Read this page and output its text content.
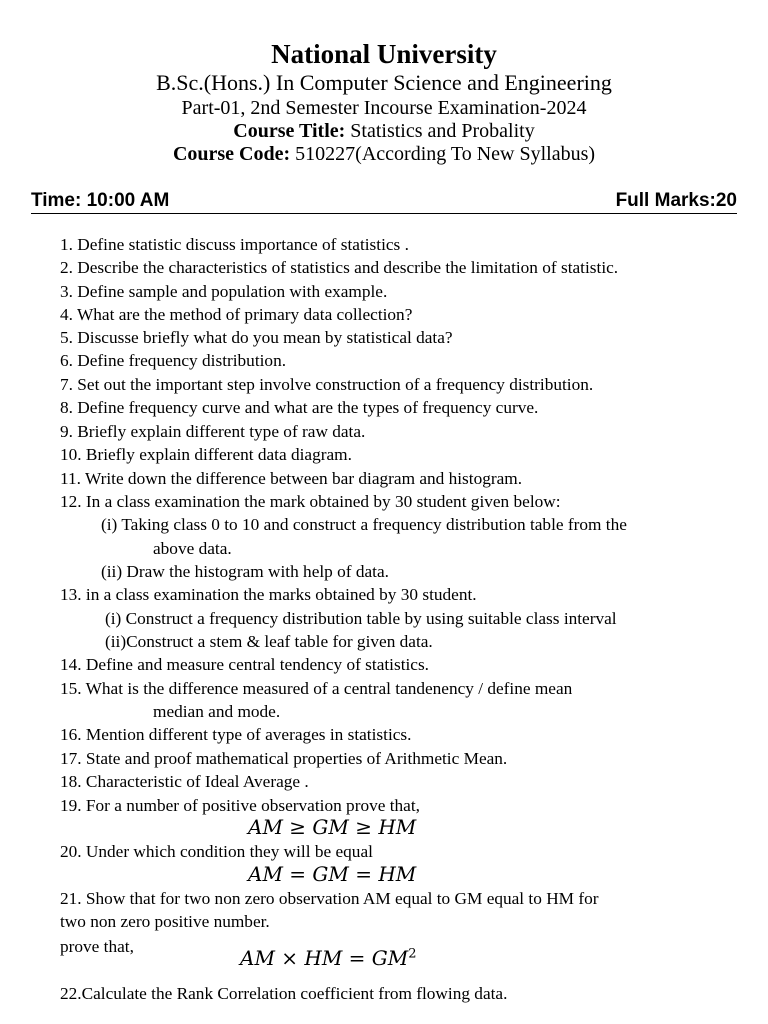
National University
B.Sc.(Hons.) In Computer Science and Engineering
Part-01, 2nd Semester Incourse Examination-2024
Course Title: Statistics and Probality
Course Code: 510227(According To New Syllabus)
Time: 10:00 AM	Full Marks:20
1. Define statistic discuss importance of statistics .
2. Describe the characteristics of statistics and describe the limitation of statistic.
3. Define sample and population with example.
4. What are the method of primary data collection?
5. Discusse briefly what do you mean by statistical data?
6. Define frequency distribution.
7. Set out the important step involve construction of a frequency distribution.
8. Define frequency curve and what are the types of frequency curve.
9. Briefly explain different type of raw data.
10. Briefly explain different data diagram.
11. Write down the difference between bar diagram and histogram.
12. In a class examination the mark obtained by 30 student given below:
(i) Taking class 0 to 10 and construct a frequency distribution table from the
above data.
(ii) Draw the histogram with help of data.
13. in a class examination the marks obtained by 30 student.
(i) Construct a frequency distribution table by using suitable class interval
(ii)Construct a stem & leaf table for given data.
14. Define and measure central tendency of statistics.
15. What is the difference measured of a central tandenency / define mean
median and mode.
16. Mention different type of averages in statistics.
17. State and proof mathematical properties of Arithmetic Mean.
18. Characteristic of Ideal Average .
19. For a number of positive observation prove that,
AM ≥ GM ≥ HM
20. Under which condition they will be equal
AM = GM = HM
21. Show that for two non zero observation AM equal to GM equal to HM for
two non zero positive number.
prove that,	AM × HM = $GM^2$
22.Calculate the Rank Correlation coefficient from flowing data.
